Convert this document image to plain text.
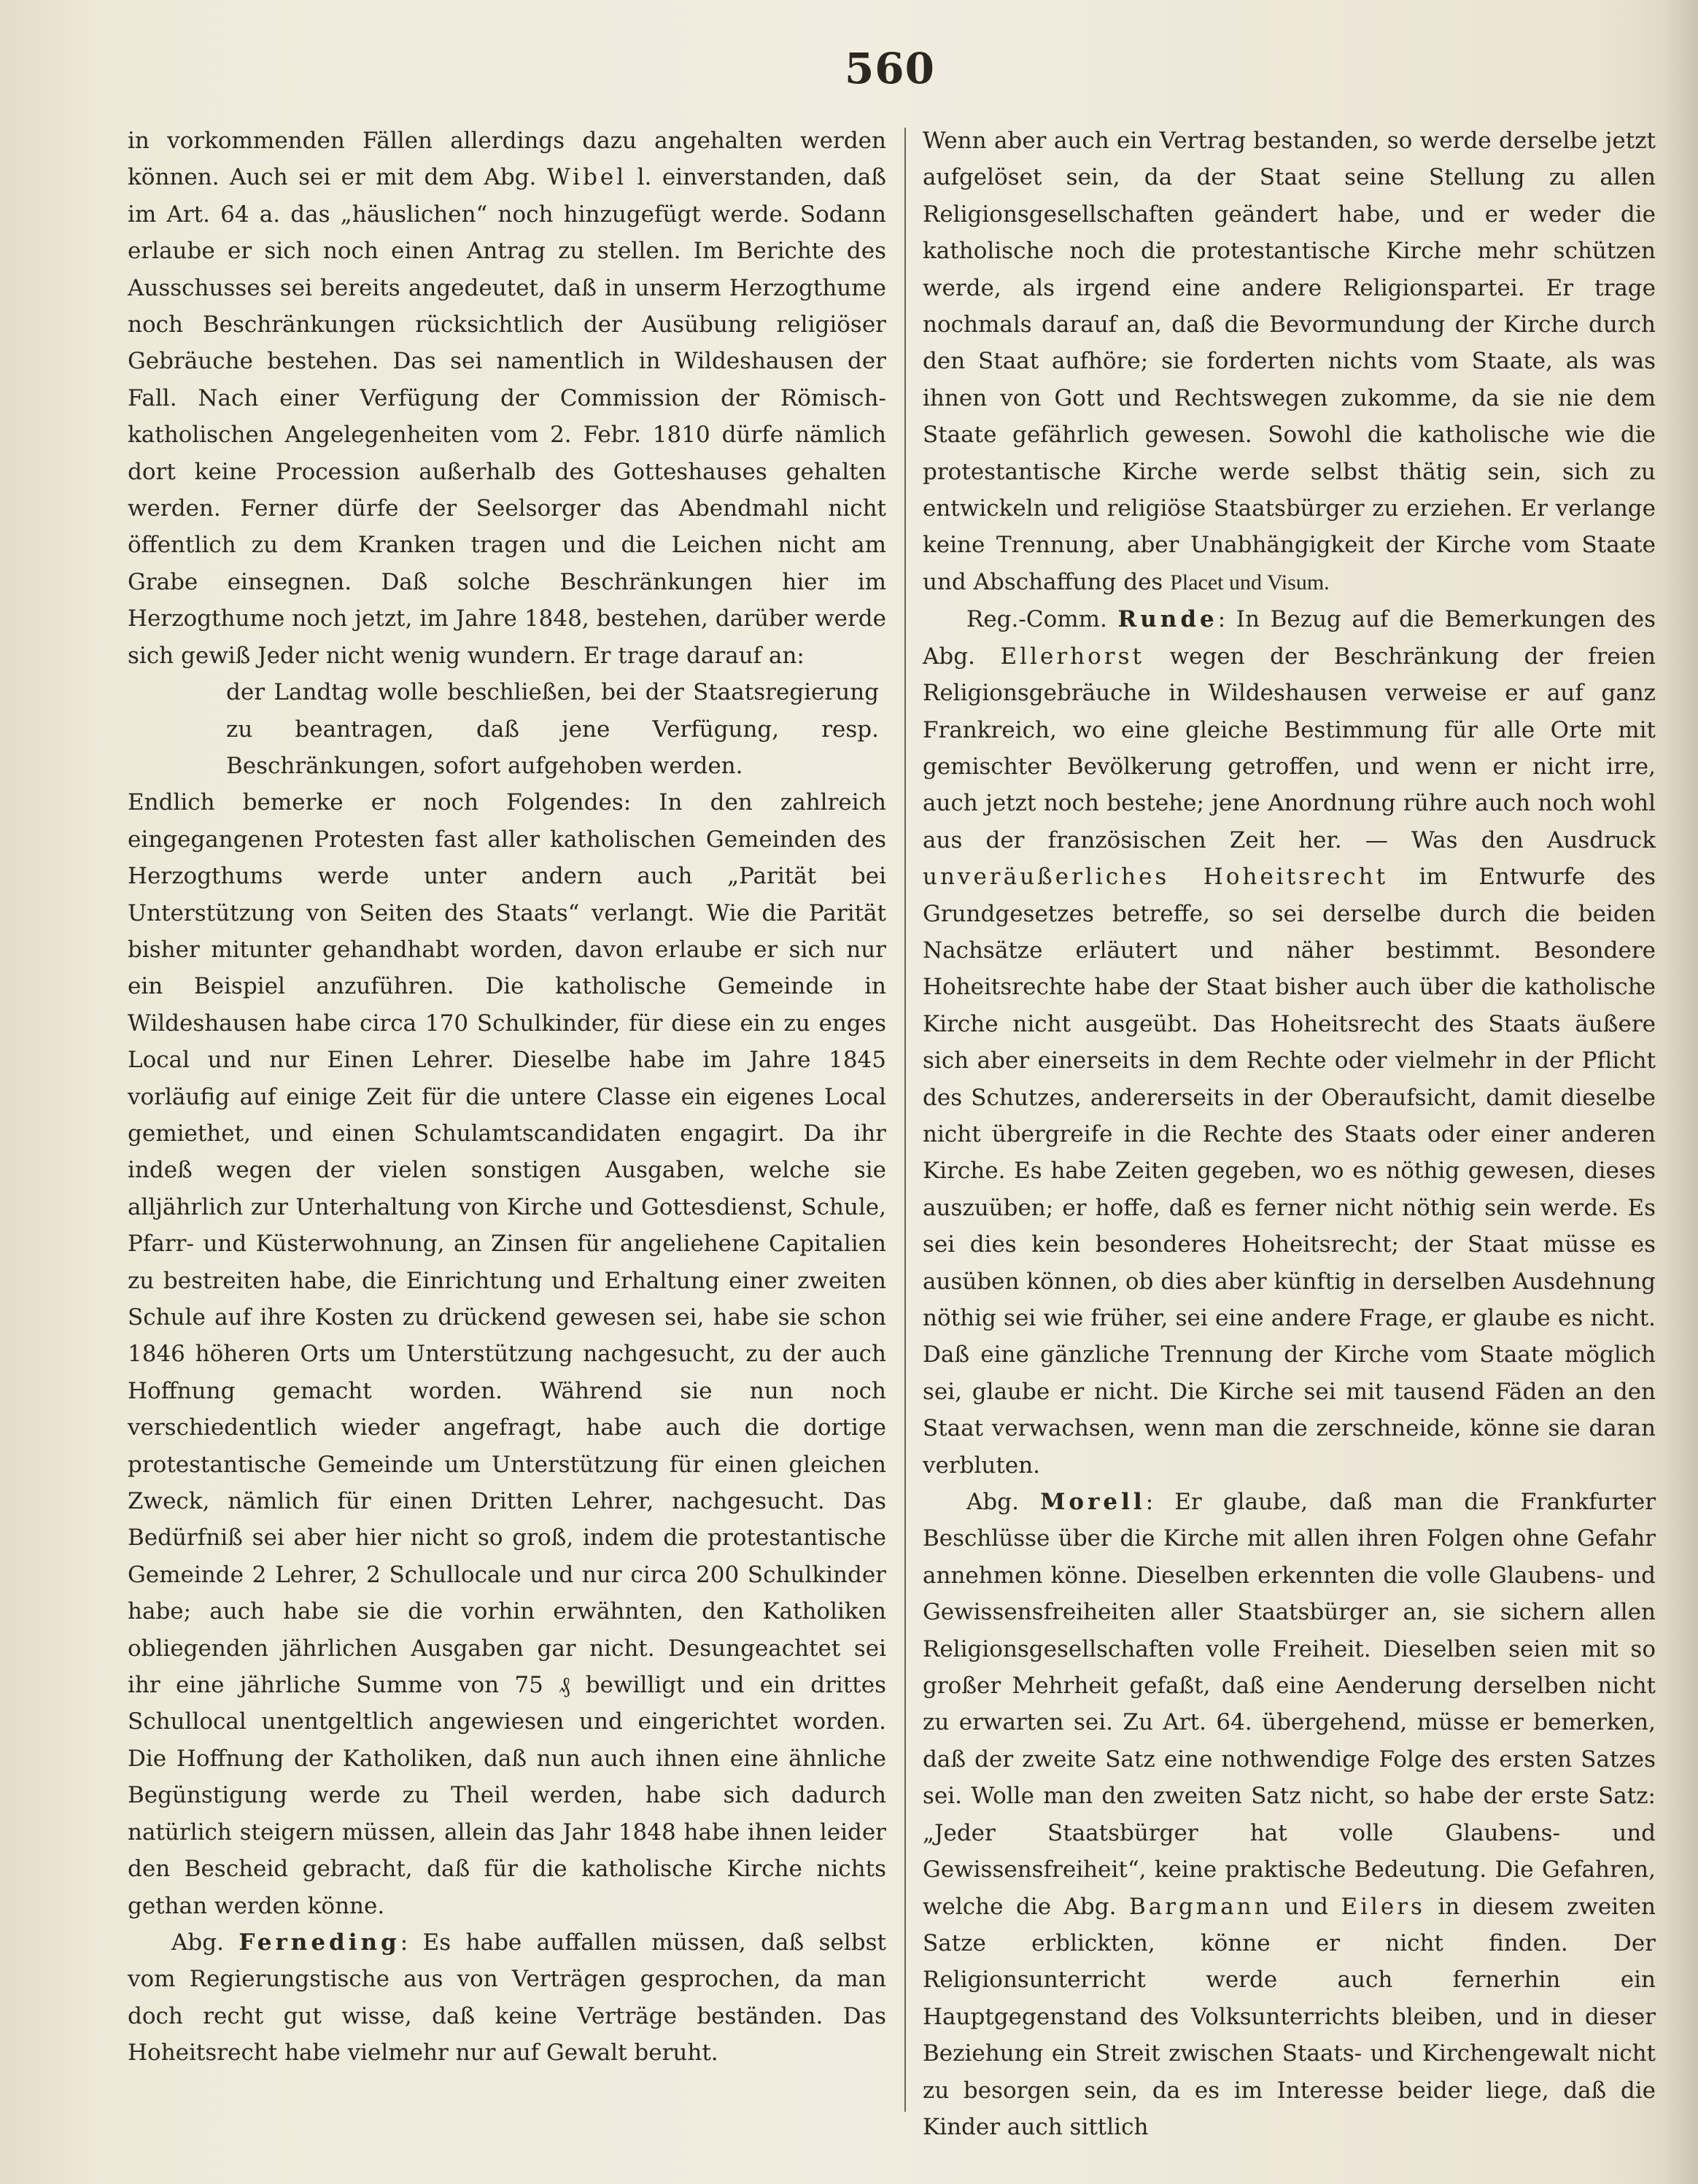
560

in vorkommenden Fällen allerdings dazu angehalten werden können. Auch sei er mit dem Abg. Wibel l. einverstanden, daß im Art. 64 a. das „häuslichen“ noch hinzugefügt werde. Sodann erlaube er sich noch einen Antrag zu stellen. Im Berichte des Ausschusses sei bereits angedeutet, daß in unserm Herzogthume noch Beschränkungen rücksichtlich der Ausübung religiöser Gebräuche bestehen. Das sei namentlich in Wildeshausen der Fall. Nach einer Verfügung der Commission der Römisch-katholischen Angelegenheiten vom 2. Febr. 1810 dürfe nämlich dort keine Procession außerhalb des Gotteshauses gehalten werden. Ferner dürfe der Seelsorger das Abendmahl nicht öffentlich zu dem Kranken tragen und die Leichen nicht am Grabe einsegnen. Daß solche Beschränkungen hier im Herzogthume noch jetzt, im Jahre 1848, bestehen, darüber werde sich gewiß Jeder nicht wenig wundern. Er trage darauf an:

der Landtag wolle beschließen, bei der Staatsregierung zu beantragen, daß jene Verfügung, resp. Beschränkungen, sofort aufgehoben werden.

Endlich bemerke er noch Folgendes: In den zahlreich eingegangenen Protesten fast aller katholischen Gemeinden des Herzogthums werde unter andern auch „Parität bei Unterstützung von Seiten des Staats“ verlangt. Wie die Parität bisher mitunter gehandhabt worden, davon erlaube er sich nur ein Beispiel anzuführen. Die katholische Gemeinde in Wildeshausen habe circa 170 Schulkinder, für diese ein zu enges Local und nur Einen Lehrer. Dieselbe habe im Jahre 1845 vorläufig auf einige Zeit für die untere Classe ein eigenes Local gemiethet, und einen Schulamtscandidaten engagirt. Da ihr indeß wegen der vielen sonstigen Ausgaben, welche sie alljährlich zur Unterhaltung von Kirche und Gottesdienst, Schule, Pfarr- und Küsterwohnung, an Zinsen für angeliehene Capitalien zu bestreiten habe, die Einrichtung und Erhaltung einer zweiten Schule auf ihre Kosten zu drückend gewesen sei, habe sie schon 1846 höheren Orts um Unterstützung nachgesucht, zu der auch Hoffnung gemacht worden. Während sie nun noch verschiedentlich wieder angefragt, habe auch die dortige protestantische Gemeinde um Unterstützung für einen gleichen Zweck, nämlich für einen Dritten Lehrer, nachgesucht. Das Bedürfniß sei aber hier nicht so groß, indem die protestantische Gemeinde 2 Lehrer, 2 Schullocale und nur circa 200 Schulkinder habe; auch habe sie die vorhin erwähnten, den Katholiken obliegenden jährlichen Ausgaben gar nicht. Desungeachtet sei ihr eine jährliche Summe von 75 ₰ bewilligt und ein drittes Schullocal unentgeltlich angewiesen und eingerichtet worden. Die Hoffnung der Katholiken, daß nun auch ihnen eine ähnliche Begünstigung werde zu Theil werden, habe sich dadurch natürlich steigern müssen, allein das Jahr 1848 habe ihnen leider den Bescheid gebracht, daß für die katholische Kirche nichts gethan werden könne.

Abg. Ferneding: Es habe auffallen müssen, daß selbst vom Regierungstische aus von Verträgen gesprochen, da man doch recht gut wisse, daß keine Verträge beständen. Das Hoheitsrecht habe vielmehr nur auf Gewalt beruht.

Wenn aber auch ein Vertrag bestanden, so werde derselbe jetzt aufgelöset sein, da der Staat seine Stellung zu allen Religionsgesellschaften geändert habe, und er weder die katholische noch die protestantische Kirche mehr schützen werde, als irgend eine andere Religionspartei. Er trage nochmals darauf an, daß die Bevormundung der Kirche durch den Staat aufhöre; sie forderten nichts vom Staate, als was ihnen von Gott und Rechtswegen zukomme, da sie nie dem Staate gefährlich gewesen. Sowohl die katholische wie die protestantische Kirche werde selbst thätig sein, sich zu entwickeln und religiöse Staatsbürger zu erziehen. Er verlange keine Trennung, aber Unabhängigkeit der Kirche vom Staate und Abschaffung des Placet und Visum.

Reg.-Comm. Runde: In Bezug auf die Bemerkungen des Abg. Ellerhorst wegen der Beschränkung der freien Religionsgebräuche in Wildeshausen verweise er auf ganz Frankreich, wo eine gleiche Bestimmung für alle Orte mit gemischter Bevölkerung getroffen, und wenn er nicht irre, auch jetzt noch bestehe; jene Anordnung rühre auch noch wohl aus der französischen Zeit her. — Was den Ausdruck unveräußerliches Hoheitsrecht im Entwurfe des Grundgesetzes betreffe, so sei derselbe durch die beiden Nachsätze erläutert und näher bestimmt. Besondere Hoheitsrechte habe der Staat bisher auch über die katholische Kirche nicht ausgeübt. Das Hoheitsrecht des Staats äußere sich aber einerseits in dem Rechte oder vielmehr in der Pflicht des Schutzes, andererseits in der Oberaufsicht, damit dieselbe nicht übergreife in die Rechte des Staats oder einer anderen Kirche. Es habe Zeiten gegeben, wo es nöthig gewesen, dieses auszuüben; er hoffe, daß es ferner nicht nöthig sein werde. Es sei dies kein besonderes Hoheitsrecht; der Staat müsse es ausüben können, ob dies aber künftig in derselben Ausdehnung nöthig sei wie früher, sei eine andere Frage, er glaube es nicht. Daß eine gänzliche Trennung der Kirche vom Staate möglich sei, glaube er nicht. Die Kirche sei mit tausend Fäden an den Staat verwachsen, wenn man die zerschneide, könne sie daran verbluten.

Abg. Morell: Er glaube, daß man die Frankfurter Beschlüsse über die Kirche mit allen ihren Folgen ohne Gefahr annehmen könne. Dieselben erkennten die volle Glaubens- und Gewissensfreiheiten aller Staatsbürger an, sie sichern allen Religionsgesellschaften volle Freiheit. Dieselben seien mit so großer Mehrheit gefaßt, daß eine Aenderung derselben nicht zu erwarten sei. Zu Art. 64. übergehend, müsse er bemerken, daß der zweite Satz eine nothwendige Folge des ersten Satzes sei. Wolle man den zweiten Satz nicht, so habe der erste Satz: „Jeder Staatsbürger hat volle Glaubens- und Gewissensfreiheit“, keine praktische Bedeutung. Die Gefahren, welche die Abg. Bargmann und Eilers in diesem zweiten Satze erblickten, könne er nicht finden. Der Religionsunterricht werde auch fernerhin ein Hauptgegenstand des Volksunterrichts bleiben, und in dieser Beziehung ein Streit zwischen Staats- und Kirchengewalt nicht zu besorgen sein, da es im Interesse beider liege, daß die Kinder auch sittlich
